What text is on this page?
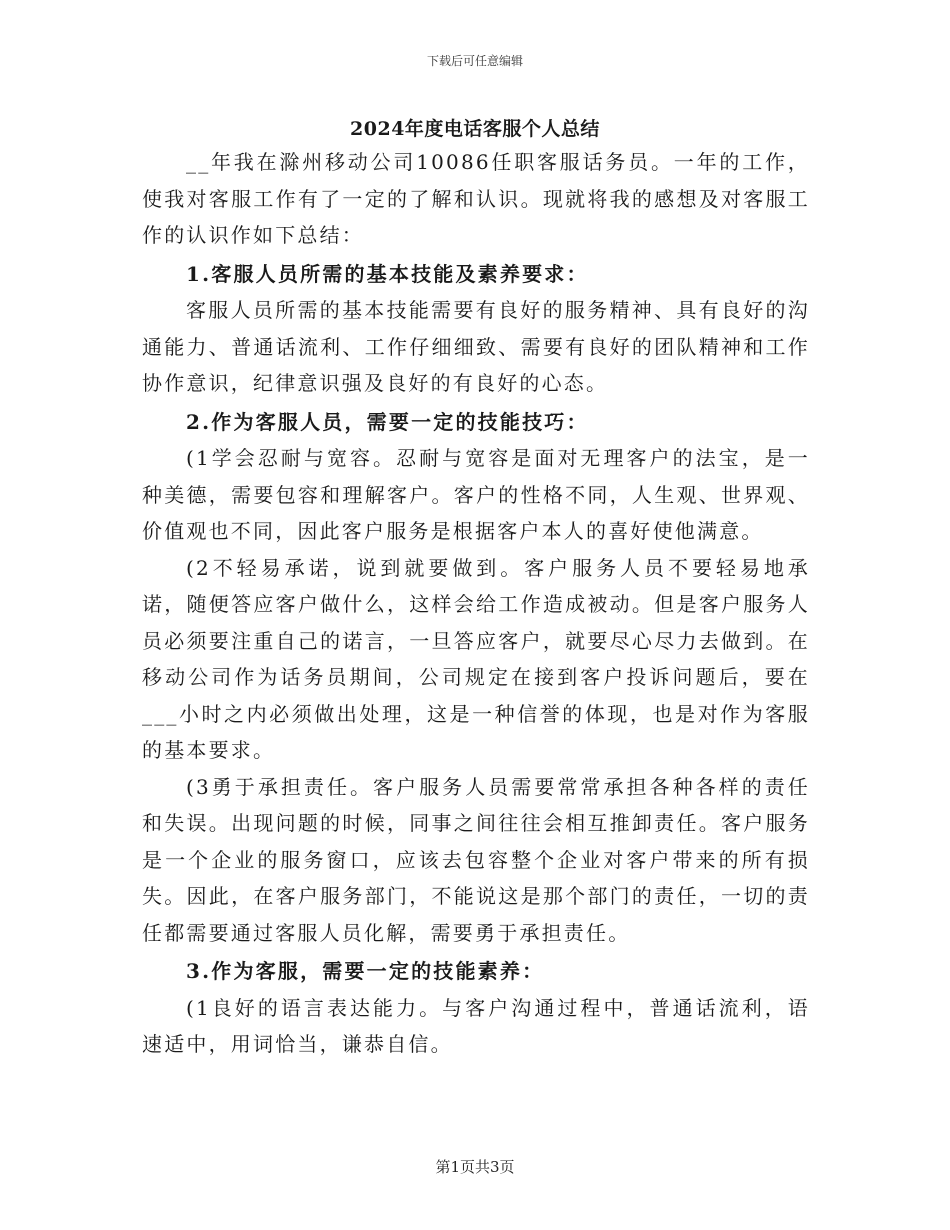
下载后可任意编辑
2024年度电话客服个人总结

__年我在滁州移动公司10086任职客服话务员。一年的工作，使我对客服工作有了一定的了解和认识。现就将我的感想及对客服工作的认识作如下总结：

1.客服人员所需的基本技能及素养要求：

客服人员所需的基本技能需要有良好的服务精神、具有良好的沟通能力、普通话流利、工作仔细细致、需要有良好的团队精神和工作协作意识，纪律意识强及良好的有良好的心态。

2.作为客服人员，需要一定的技能技巧：

(1学会忍耐与宽容。忍耐与宽容是面对无理客户的法宝，是一种美德，需要包容和理解客户。客户的性格不同，人生观、世界观、价值观也不同，因此客户服务是根据客户本人的喜好使他满意。

(2不轻易承诺，说到就要做到。客户服务人员不要轻易地承诺，随便答应客户做什么，这样会给工作造成被动。但是客户服务人员必须要注重自己的诺言，一旦答应客户，就要尽心尽力去做到。在移动公司作为话务员期间，公司规定在接到客户投诉问题后，要在___小时之内必须做出处理，这是一种信誉的体现，也是对作为客服的基本要求。

(3勇于承担责任。客户服务人员需要常常承担各种各样的责任和失误。出现问题的时候，同事之间往往会相互推卸责任。客户服务是一个企业的服务窗口，应该去包容整个企业对客户带来的所有损失。因此，在客户服务部门，不能说这是那个部门的责任，一切的责任都需要通过客服人员化解，需要勇于承担责任。

3.作为客服，需要一定的技能素养：

(1良好的语言表达能力。与客户沟通过程中，普通话流利，语速适中，用词恰当，谦恭自信。

第1页共3页
